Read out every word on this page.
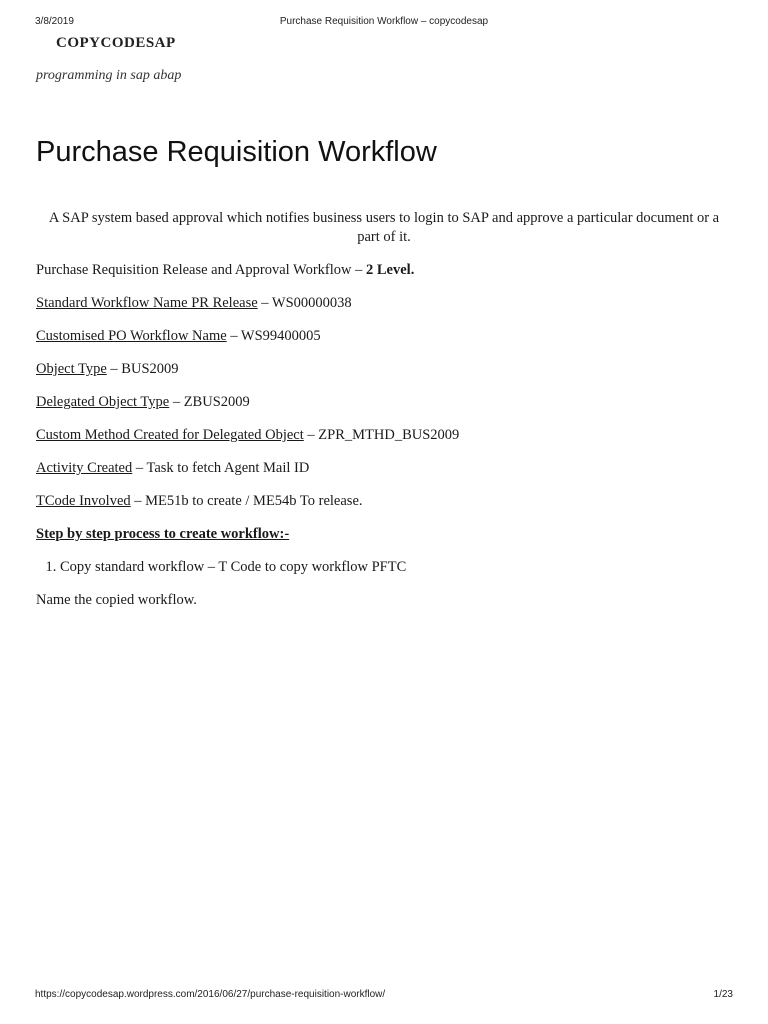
3/8/2019	Purchase Requisition Workflow – copycodesap
COPYCODESAP
programming in sap abap
Purchase Requisition Workflow

A SAP system based approval which notifies business users to login to SAP and approve a particular document or a part of it.

Purchase Requisition Release and Approval Workflow – 2 Level.

Standard Workflow Name PR Release – WS00000038

Customised PO Workflow Name – WS99400005

Object Type – BUS2009

Delegated Object Type – ZBUS2009

Custom Method Created for Delegated Object – ZPR_MTHD_BUS2009

Activity Created – Task to fetch Agent Mail ID

TCode Involved – ME51b to create / ME54b To release.

Step by step process to create workflow:-

1. Copy standard workflow – T Code to copy workflow PFTC

Name the copied workflow.

https://copycodesap.wordpress.com/2016/06/27/purchase-requisition-workflow/	1/23
